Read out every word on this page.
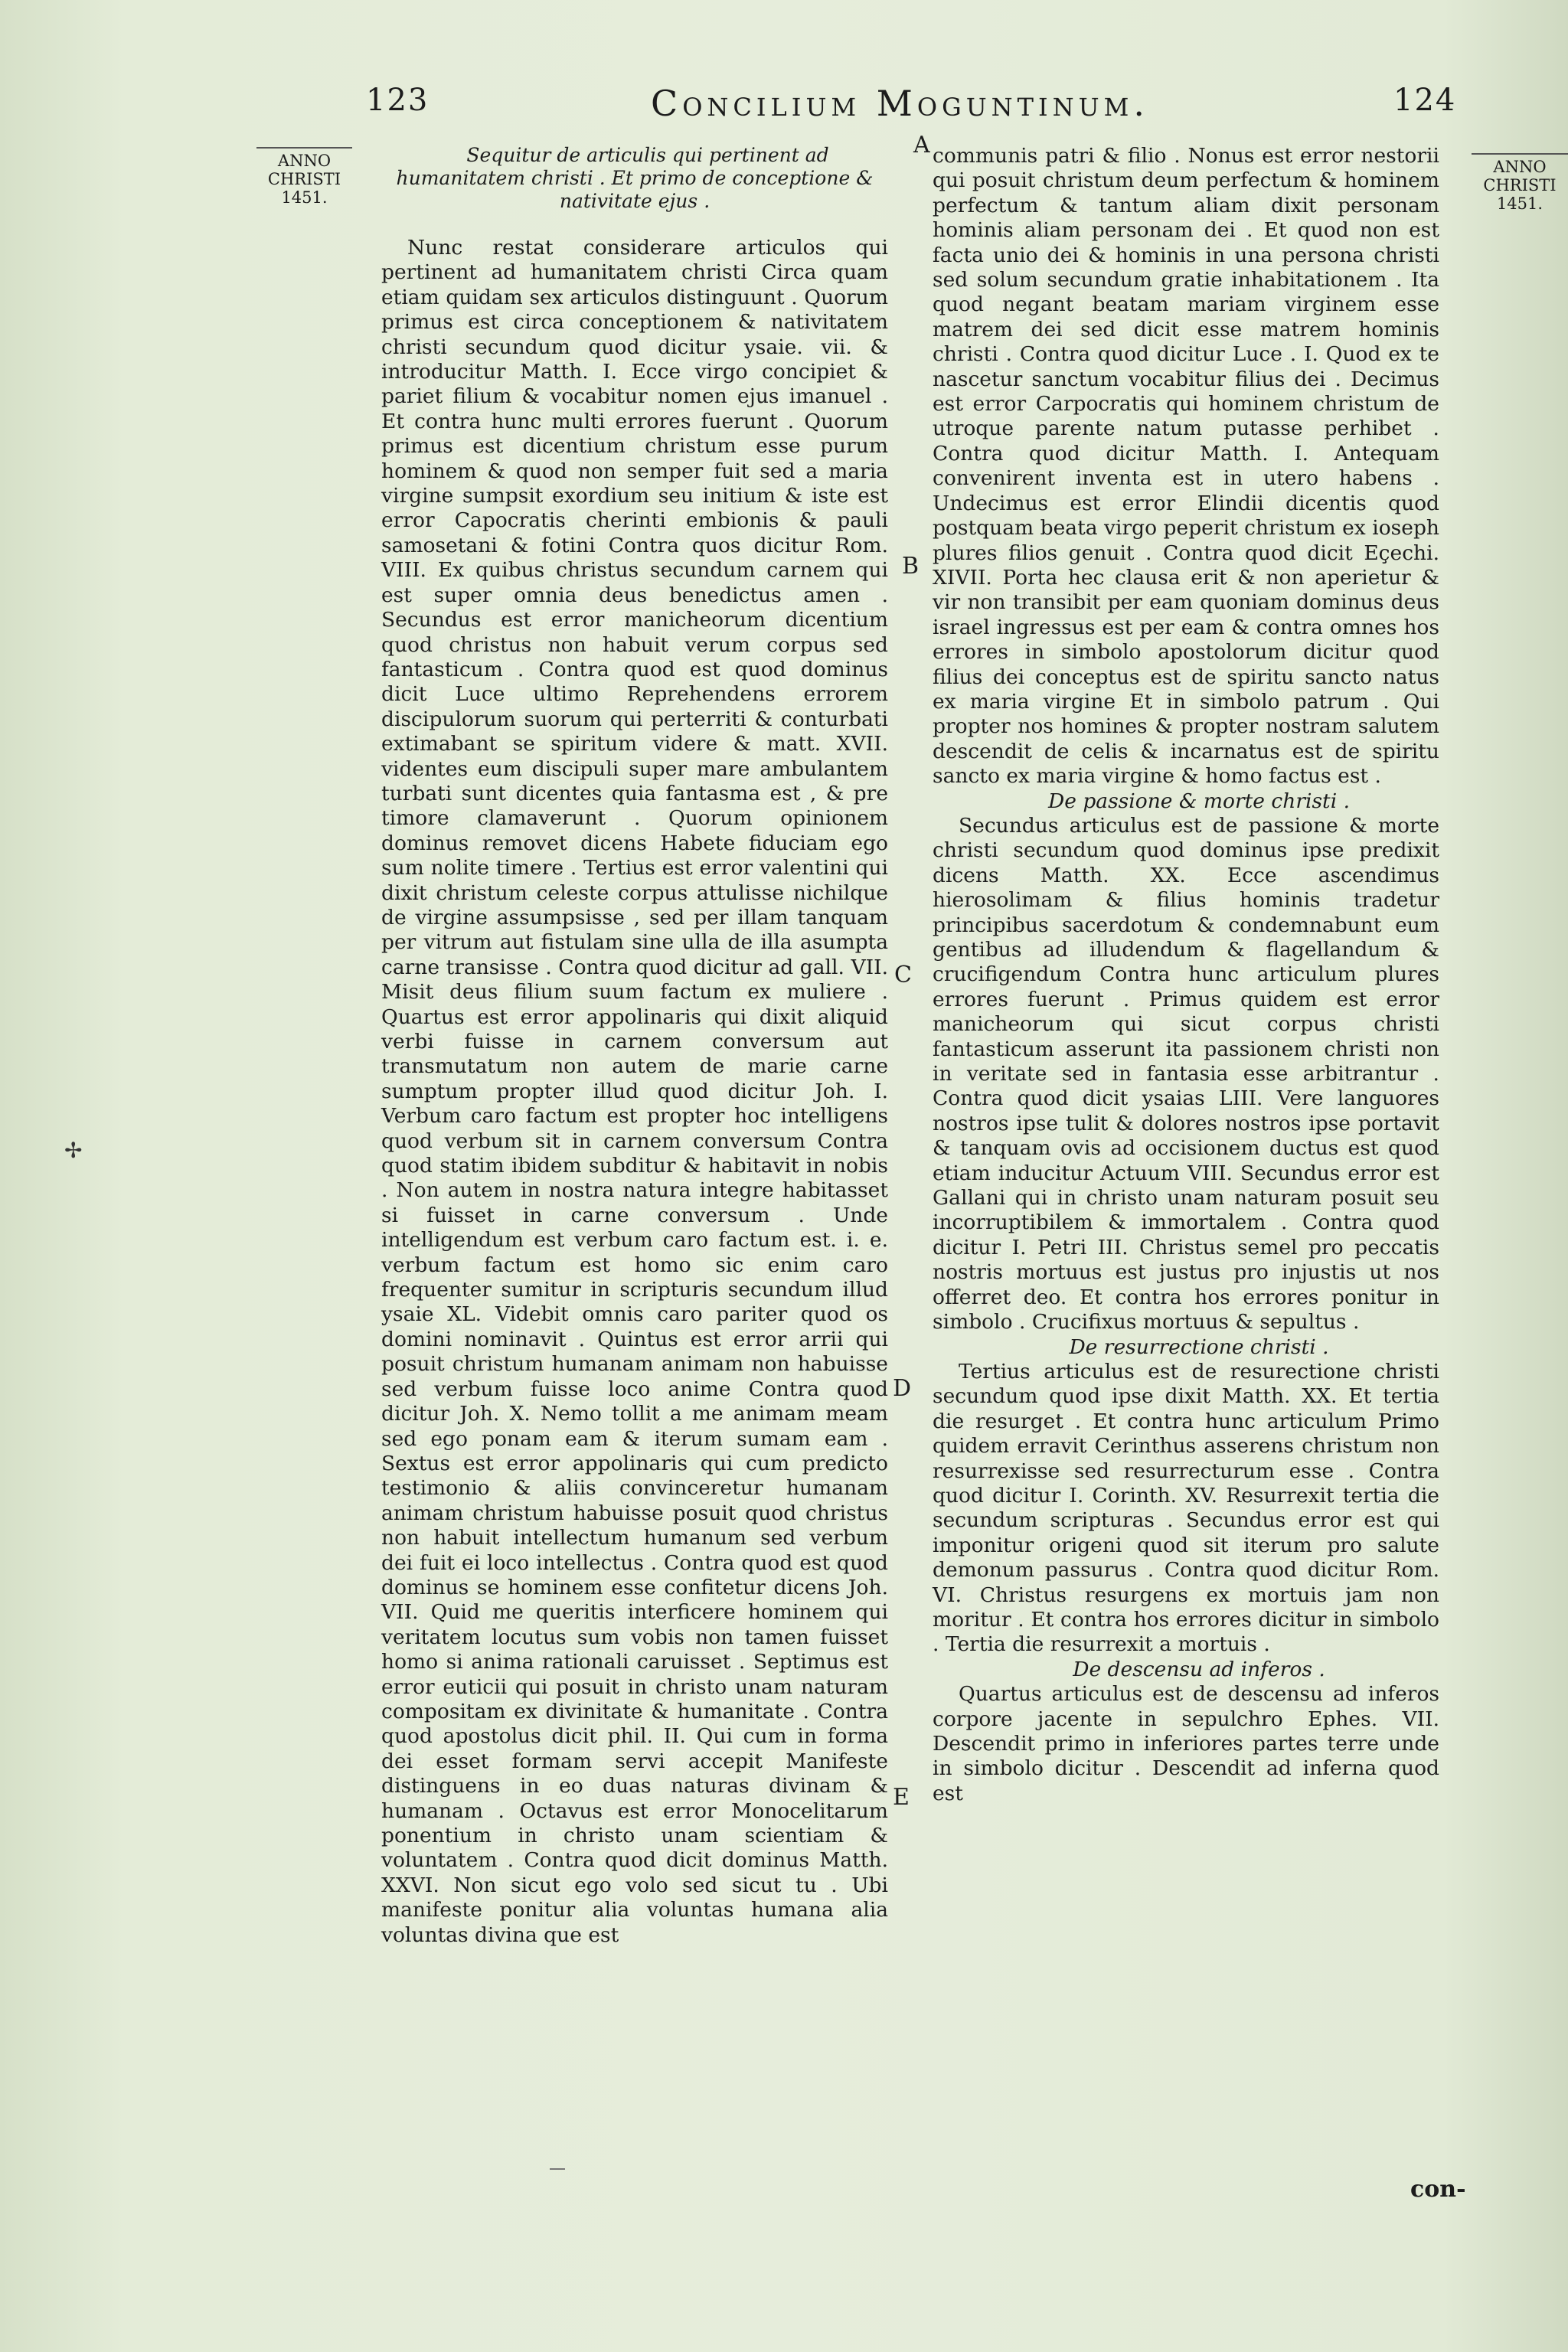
123	Concilium Moguntinum.	124
ANNO
CHRISTI
1451.
ANNO
CHRISTI
1451.

Sequitur de articulis qui pertinent ad humanitatem christi . Et primo de conceptione & nativitate ejus .

Nunc restat considerare articulos qui pertinent ad humanitatem christi Circa quam etiam quidam sex articulos distinguunt . Quorum primus est circa conceptionem & nativitatem christi secundum quod dicitur ysaie. vii. & introducitur Matth. I. Ecce virgo concipiet & pariet filium & vocabitur nomen ejus imanuel . Et contra hunc multi errores fuerunt . Quorum primus est dicentium christum esse purum hominem & quod non semper fuit sed a maria virgine sumpsit exordium seu initium & iste est error Capocratis cherinti embionis & pauli samosetani & fotini Contra quos dicitur Rom. VIII. Ex quibus christus secundum carnem qui est super omnia deus benedictus amen . Secundus est error manicheorum dicentium quod christus non habuit verum corpus sed fantasticum . Contra quod est quod dominus dicit Luce ultimo Reprehendens errorem discipulorum suorum qui perterriti & conturbati extimabant se spiritum videre & matt. XVII. videntes eum discipuli super mare ambulantem turbati sunt dicentes quia fantasma est , & pre timore clamaverunt . Quorum opinionem dominus removet dicens Habete fiduciam ego sum nolite timere . Tertius est error valentini qui dixit christum celeste corpus attulisse nichilque de virgine assumpsisse , sed per illam tanquam per vitrum aut fistulam sine ulla de illa asumpta carne transisse . Contra quod dicitur ad gall. VII. Misit deus filium suum factum ex muliere . Quartus est error appolinaris qui dixit aliquid verbi fuisse in carnem conversum aut transmutatum non autem de marie carne sumptum propter illud quod dicitur Joh. I. Verbum caro factum est propter hoc intelligens quod verbum sit in carnem conversum Contra quod statim ibidem subditur & habitavit in nobis . Non autem in nostra natura integre habitasset si fuisset in carne conversum . Unde intelligendum est verbum caro factum est. i. e. verbum factum est homo sic enim caro frequenter sumitur in scripturis secundum illud ysaie XL. Videbit omnis caro pariter quod os domini nominavit . Quintus est error arrii qui posuit christum humanam animam non habuisse sed verbum fuisse loco anime Contra quod dicitur Joh. X. Nemo tollit a me animam meam sed ego ponam eam & iterum sumam eam . Sextus est error appolinaris qui cum predicto testimonio & aliis convinceretur humanam animam christum habuisse posuit quod christus non habuit intellectum humanum sed verbum dei fuit ei loco intellectus . Contra quod est quod dominus se hominem esse confitetur dicens Joh. VII. Quid me queritis interficere hominem qui veritatem locutus sum vobis non tamen fuisset homo si anima rationali caruisset . Septimus est error euticii qui posuit in christo unam naturam compositam ex divinitate & humanitate . Contra quod apostolus dicit phil. II. Qui cum in forma dei esset formam servi accepit Manifeste distinguens in eo duas naturas divinam & humanam . Octavus est error Monocelitarum ponentium in christo unam scientiam & voluntatem . Contra quod dicit dominus Matth. XXVI. Non sicut ego volo sed sicut tu . Ubi manifeste ponitur alia voluntas humana alia voluntas divina que est

communis patri & filio . Nonus est error nestorii qui posuit christum deum perfectum & hominem perfectum & tantum aliam dixit personam hominis aliam personam dei . Et quod non est facta unio dei & hominis in una persona christi sed solum secundum gratie inhabitationem . Ita quod negant beatam mariam virginem esse matrem dei sed dicit esse matrem hominis christi . Contra quod dicitur Luce . I. Quod ex te nascetur sanctum vocabitur filius dei . Decimus est error Carpocratis qui hominem christum de utroque parente natum putasse perhibet . Contra quod dicitur Matth. I. Antequam convenirent inventa est in utero habens . Undecimus est error Elindii dicentis quod postquam beata virgo peperit christum ex ioseph plures filios genuit . Contra quod dicit Eçechi. XIVII. Porta hec clausa erit & non aperietur & vir non transibit per eam quoniam dominus deus israel ingressus est per eam & contra omnes hos errores in simbolo apostolorum dicitur quod filius dei conceptus est de spiritu sancto natus ex maria virgine Et in simbolo patrum . Qui propter nos homines & propter nostram salutem descendit de celis & incarnatus est de spiritu sancto ex maria virgine & homo factus est .

De passione & morte christi .

Secundus articulus est de passione & morte christi secundum quod dominus ipse predixit dicens Matth. XX. Ecce ascendimus hierosolimam & filius hominis tradetur principibus sacerdotum & condemnabunt eum gentibus ad illudendum & flagellandum & crucifigendum Contra hunc articulum plures errores fuerunt . Primus quidem est error manicheorum qui sicut corpus christi fantasticum asserunt ita passionem christi non in veritate sed in fantasia esse arbitrantur . Contra quod dicit ysaias LIII. Vere languores nostros ipse tulit & dolores nostros ipse portavit & tanquam ovis ad occisionem ductus est quod etiam inducitur Actuum VIII. Secundus error est Gallani qui in christo unam naturam posuit seu incorruptibilem & immortalem . Contra quod dicitur I. Petri III. Christus semel pro peccatis nostris mortuus est justus pro injustis ut nos offerret deo. Et contra hos errores ponitur in simbolo . Crucifixus mortuus & sepultus .

De resurrectione christi .

Tertius articulus est de resurectione christi secundum quod ipse dixit Matth. XX. Et tertia die resurget . Et contra hunc articulum Primo quidem erravit Cerinthus asserens christum non resurrexisse sed resurrecturum esse . Contra quod dicitur I. Corinth. XV. Resurrexit tertia die secundum scripturas . Secundus error est qui imponitur origeni quod sit iterum pro salute demonum passurus . Contra quod dicitur Rom. VI. Christus resurgens ex mortuis jam non moritur . Et contra hos errores dicitur in simbolo . Tertia die resurrexit a mortuis .

De descensu ad inferos .

Quartus articulus est de descensu ad inferos corpore jacente in sepulchro Ephes. VII. Descendit primo in inferiores partes terre unde in simbolo dicitur . Descendit ad inferna quod est

A
B
C
D
E
con-
✢
